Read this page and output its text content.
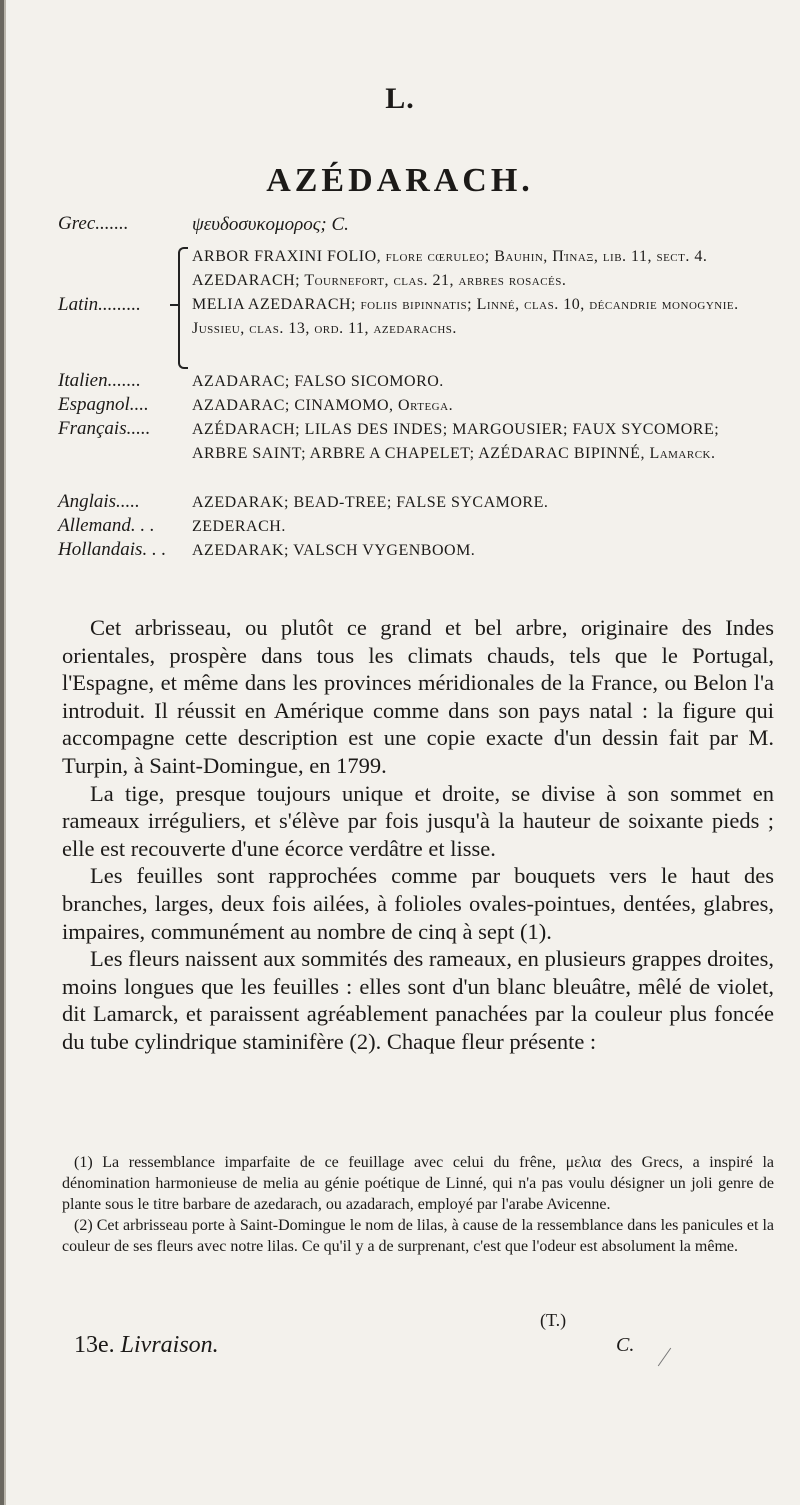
L.
AZÉDARACH.
Grec.......	ψευδοσυκομορος; C.
Latin.........
ARBOR FRAXINI FOLIO, flore cœruleo; Bauhin, Πίναξ, lib. 11, sect. 4.
AZEDARACH; Tournefort, clas. 21, arbres rosacés.
MELIA AZEDARACH; foliis bipinnatis; Linné, clas. 10, décandrie monogynie. Jussieu, clas. 13, ord. 11, azedarachs.
Italien.......	AZADARAC; FALSO SICOMORO.
Espagnol....	AZADARAC; CINAMOMO, Ortega.
Français.....	AZÉDARACH; LILAS DES INDES; MARGOUSIER; FAUX SYCOMORE; ARBRE SAINT; ARBRE A CHAPELET; AZÉDARAC BIPINNÉ, Lamarck.
Anglais.....	AZEDARAK; BEAD-TREE; FALSE SYCAMORE.
Allemand. . . ZEDERACH.
Hollandais. . . AZEDARAK; VALSCH VYGENBOOM.

Cet arbrisseau, ou plutôt ce grand et bel arbre, originaire des Indes orientales, prospère dans tous les climats chauds, tels que le Portugal, l'Espagne, et même dans les provinces méridionales de la France, ou Belon l'a introduit. Il réussit en Amérique comme dans son pays natal : la figure qui accompagne cette description est une copie exacte d'un dessin fait par M. Turpin, à Saint-Domingue, en 1799.

La tige, presque toujours unique et droite, se divise à son sommet en rameaux irréguliers, et s'élève par fois jusqu'à la hauteur de soixante pieds ; elle est recouverte d'une écorce verdâtre et lisse.

Les feuilles sont rapprochées comme par bouquets vers le haut des branches, larges, deux fois ailées, à folioles ovales-pointues, dentées, glabres, impaires, communément au nombre de cinq à sept (1).

Les fleurs naissent aux sommités des rameaux, en plusieurs grappes droites, moins longues que les feuilles : elles sont d'un blanc bleuâtre, mêlé de violet, dit Lamarck, et paraissent agréablement panachées par la couleur plus foncée du tube cylindrique staminifère (2). Chaque fleur présente :

(1) La ressemblance imparfaite de ce feuillage avec celui du frêne, μελια des Grecs, a inspiré la dénomination harmonieuse de melia au génie poétique de Linné, qui n'a pas voulu désigner un joli genre de plante sous le titre barbare de azedarach, ou azadarach, employé par l'arabe Avicenne.

(2) Cet arbrisseau porte à Saint-Domingue le nom de lilas, à cause de la ressemblance dans les panicules et la couleur de ses fleurs avec notre lilas. Ce qu'il y a de surprenant, c'est que l'odeur est absolument la même.

(T.)
13e. Livraison.	C.
